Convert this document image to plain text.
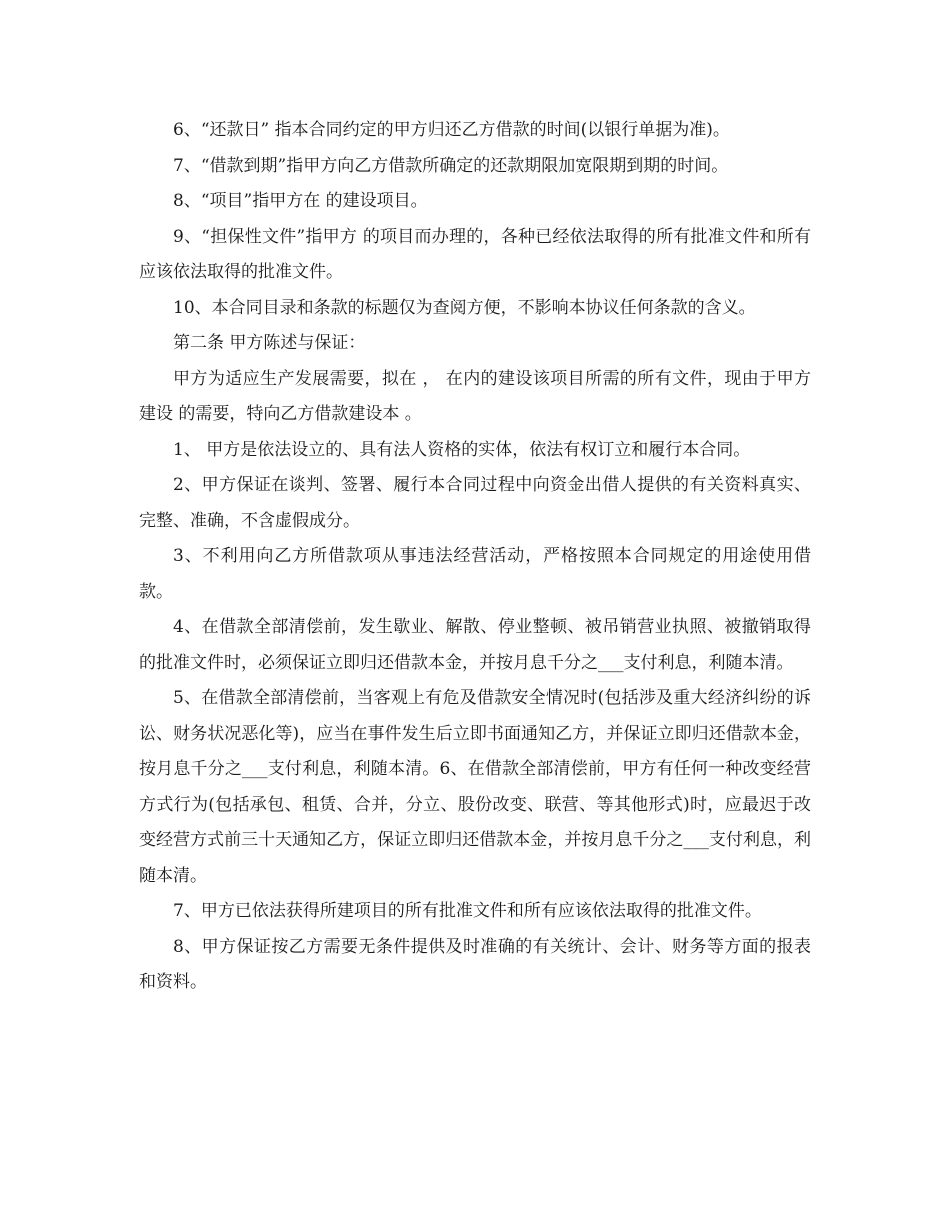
6、“还款日” 指本合同约定的甲方归还乙方借款的时间(以银行单据为准)。

7、“借款到期”指甲方向乙方借款所确定的还款期限加宽限期到期的时间。

8、“项目”指甲方在 的建设项目。

9、“担保性文件”指甲方 的项目而办理的，各种已经依法取得的所有批准文件和所有应该依法取得的批准文件。

10、本合同目录和条款的标题仅为查阅方便，不影响本协议任何条款的含义。

第二条 甲方陈述与保证：

甲方为适应生产发展需要，拟在 ， 在内的建设该项目所需的所有文件，现由于甲方建设 的需要，特向乙方借款建设本 。

1、 甲方是依法设立的、具有法人资格的实体，依法有权订立和履行本合同。

2、甲方保证在谈判、签署、履行本合同过程中向资金出借人提供的有关资料真实、完整、准确，不含虚假成分。

3、不利用向乙方所借款项从事违法经营活动，严格按照本合同规定的用途使用借款。

4、在借款全部清偿前，发生歇业、解散、停业整顿、被吊销营业执照、被撤销取得的批准文件时，必须保证立即归还借款本金，并按月息千分之___支付利息，利随本清。

5、在借款全部清偿前，当客观上有危及借款安全情况时(包括涉及重大经济纠纷的诉讼、财务状况恶化等)，应当在事件发生后立即书面通知乙方，并保证立即归还借款本金，按月息千分之___支付利息，利随本清。6、在借款全部清偿前，甲方有任何一种改变经营方式行为(包括承包、租赁、合并，分立、股份改变、联营、等其他形式)时，应最迟于改变经营方式前三十天通知乙方，保证立即归还借款本金，并按月息千分之___支付利息，利随本清。

7、甲方已依法获得所建项目的所有批准文件和所有应该依法取得的批准文件。

8、甲方保证按乙方需要无条件提供及时准确的有关统计、会计、财务等方面的报表和资料。
